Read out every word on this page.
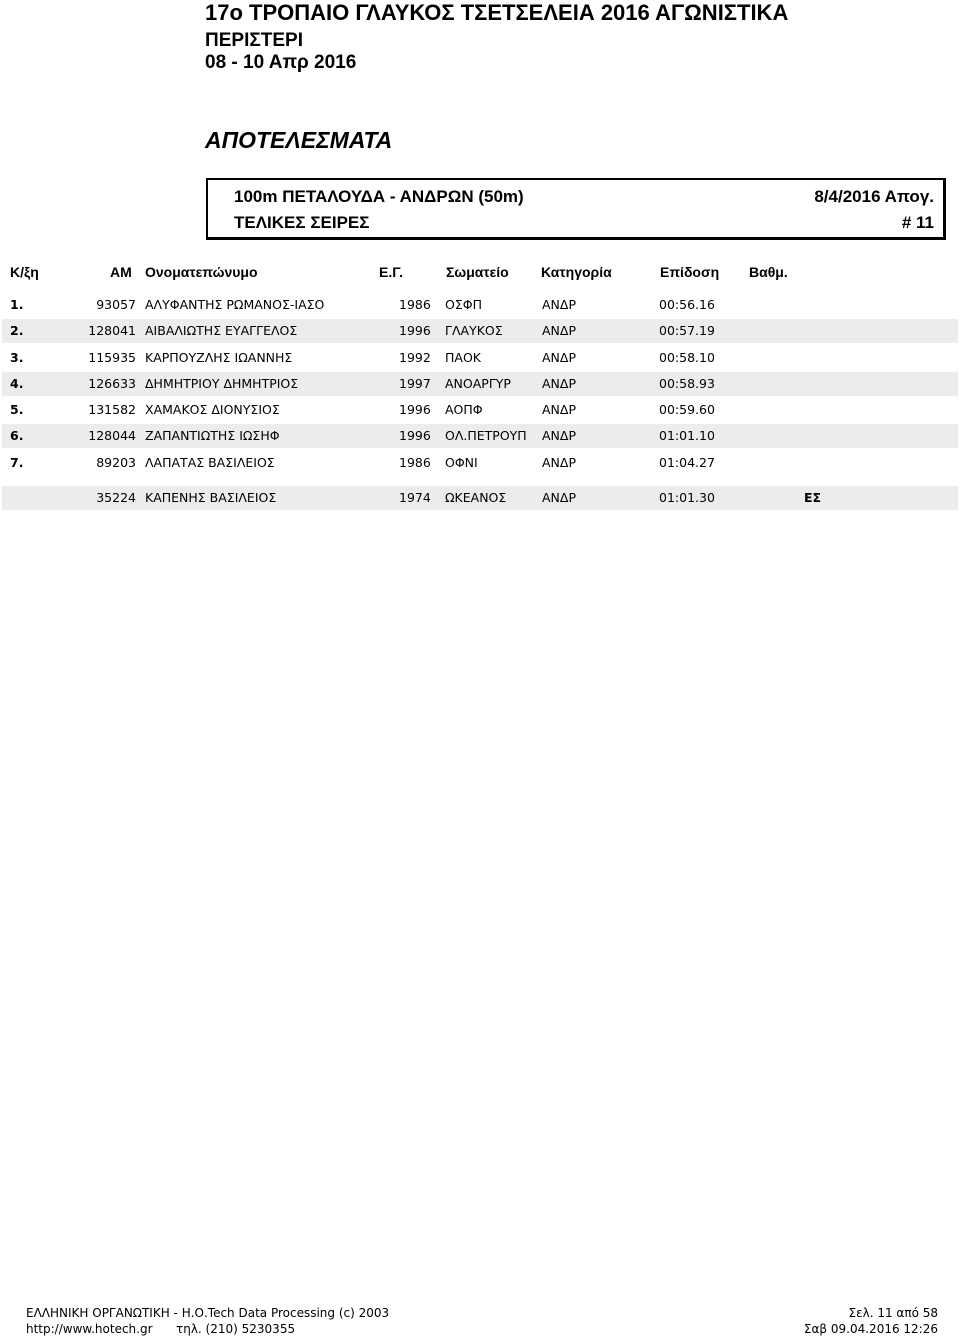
17ο ΤΡΟΠΑΙΟ ΓΛΑΥΚΟΣ ΤΣΕΤΣΕΛΕΙΑ 2016 ΑΓΩΝΙΣΤΙΚΑ
ΠΕΡΙΣΤΕΡΙ
08 - 10 Απρ 2016
ΑΠΟΤΕΛΕΣΜΑΤΑ
100m ΠΕΤΑΛΟΥΔΑ - ΑΝΔΡΩΝ (50m)	8/4/2016 Απογ.
ΤΕΛΙΚΕΣ ΣΕΙΡΕΣ	# 11
Κ/ξη	ΑΜ Ονοματεπώνυμο	Ε.Γ.	Σωματείο Κατηγορία	Επίδοση Βαθμ.
1.	93057 ΑΛΥΦΑΝΤΗΣ ΡΩΜΑΝΟΣ-ΙΑΣΟ	1986 ΟΣΦΠ	ΑΝΔΡ	00:56.16
2.	128041 ΑΙΒΑΛΙΩΤΗΣ ΕΥΑΓΓΕΛΟΣ	1996 ΓΛΑΥΚΟΣ	ΑΝΔΡ	00:57.19
3.	115935 ΚΑΡΠΟΥΖΛΗΣ ΙΩΑΝΝΗΣ	1992 ΠΑΟΚ	ΑΝΔΡ	00:58.10
4.	126633 ΔΗΜΗΤΡΙΟΥ ΔΗΜΗΤΡΙΟΣ	1997 ΑΝΟΑΡΓΥΡ	ΑΝΔΡ	00:58.93
5.	131582 ΧΑΜΑΚΟΣ ΔΙΟΝΥΣΙΟΣ	1996 ΑΟΠΦ	ΑΝΔΡ	00:59.60
6.	128044 ΖΑΠΑΝΤΙΩΤΗΣ ΙΩΣΗΦ	1996 ΟΛ.ΠΕΤΡΟΥΠ	ΑΝΔΡ	01:01.10
7.	89203 ΛΑΠΑΤΑΣ ΒΑΣΙΛΕΙΟΣ	1986 ΟΦΝΙ	ΑΝΔΡ	01:04.27
35224 ΚΑΠΕΝΗΣ ΒΑΣΙΛΕΙΟΣ	1974 ΩΚΕΑΝΟΣ	ΑΝΔΡ	01:01.30	ΕΣ
ΕΛΛΗΝΙΚΗ ΟΡΓΑΝΩΤΙΚΗ - Η.Ο.Tech Data Processing (c) 2003
http://www.hotech.gr τηλ. (210) 5230355
Σελ. 11 από 58
Σαβ 09.04.2016 12:26
